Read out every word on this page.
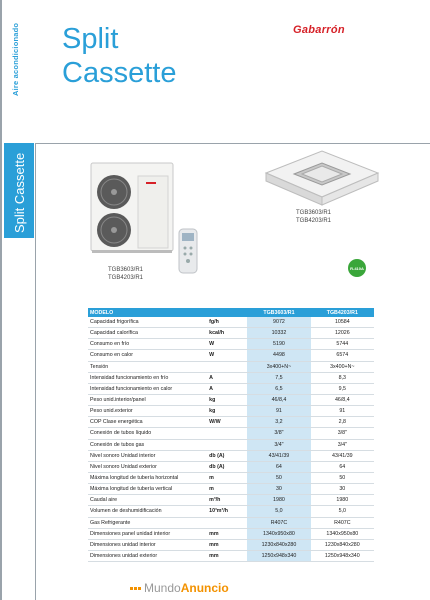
Aire acondicionado
Split Cassette
Split
Cassette
Gabarrón
TGB3603/R1
TGB4203/R1
TGB3603/R1
TGB4203/R1
R-410A
MODELO		TGB3603/R1	TGB4203/R1
Capacidad frigorífica	fg/h	9072	10584
Capacidad calorífica	kcal/h	10332	12026
Consumo en frío	W	5190	5744
Consumo en calor	W	4498	6574
Tensión		3x400+N~	3x400+N~
Intensidad funcionamiento en frío	A	7,5	8,3
Intensidad funcionamiento en calor	A	6,5	9,5
Peso unid.interior/panel	kg	46/8,4	46/8,4
Peso unid.exterior	kg	91	91
COP Clase energética	W/W	3,2	2,8
Conexión de tubos líquido		3/8"	3/8"
Conexión de tubos gas		3/4"	3/4"
Nivel sonoro Unidad interior	db (A)	43/41/39	43/41/39
Nivel sonoro Unidad exterior	db (A)	64	64
Máxima longitud de tubería horizontal	m	50	50
Máxima longitud de tubería vertical	m	30	30
Caudal aire	m³/h	1980	1980
Volumen de deshumidificación	10³m³/h	5,0	5,0
Gas Refrigerante		R407C	R407C
Dimensiones panel unidad interior	mm	1340x950x80	1340x950x80
Dimensiones unidad interior	mm	1230x840x280	1230x840x280
Dimensiones unidad exterior	mm	1250x948x340	1250x948x340
Mundo Anuncio
